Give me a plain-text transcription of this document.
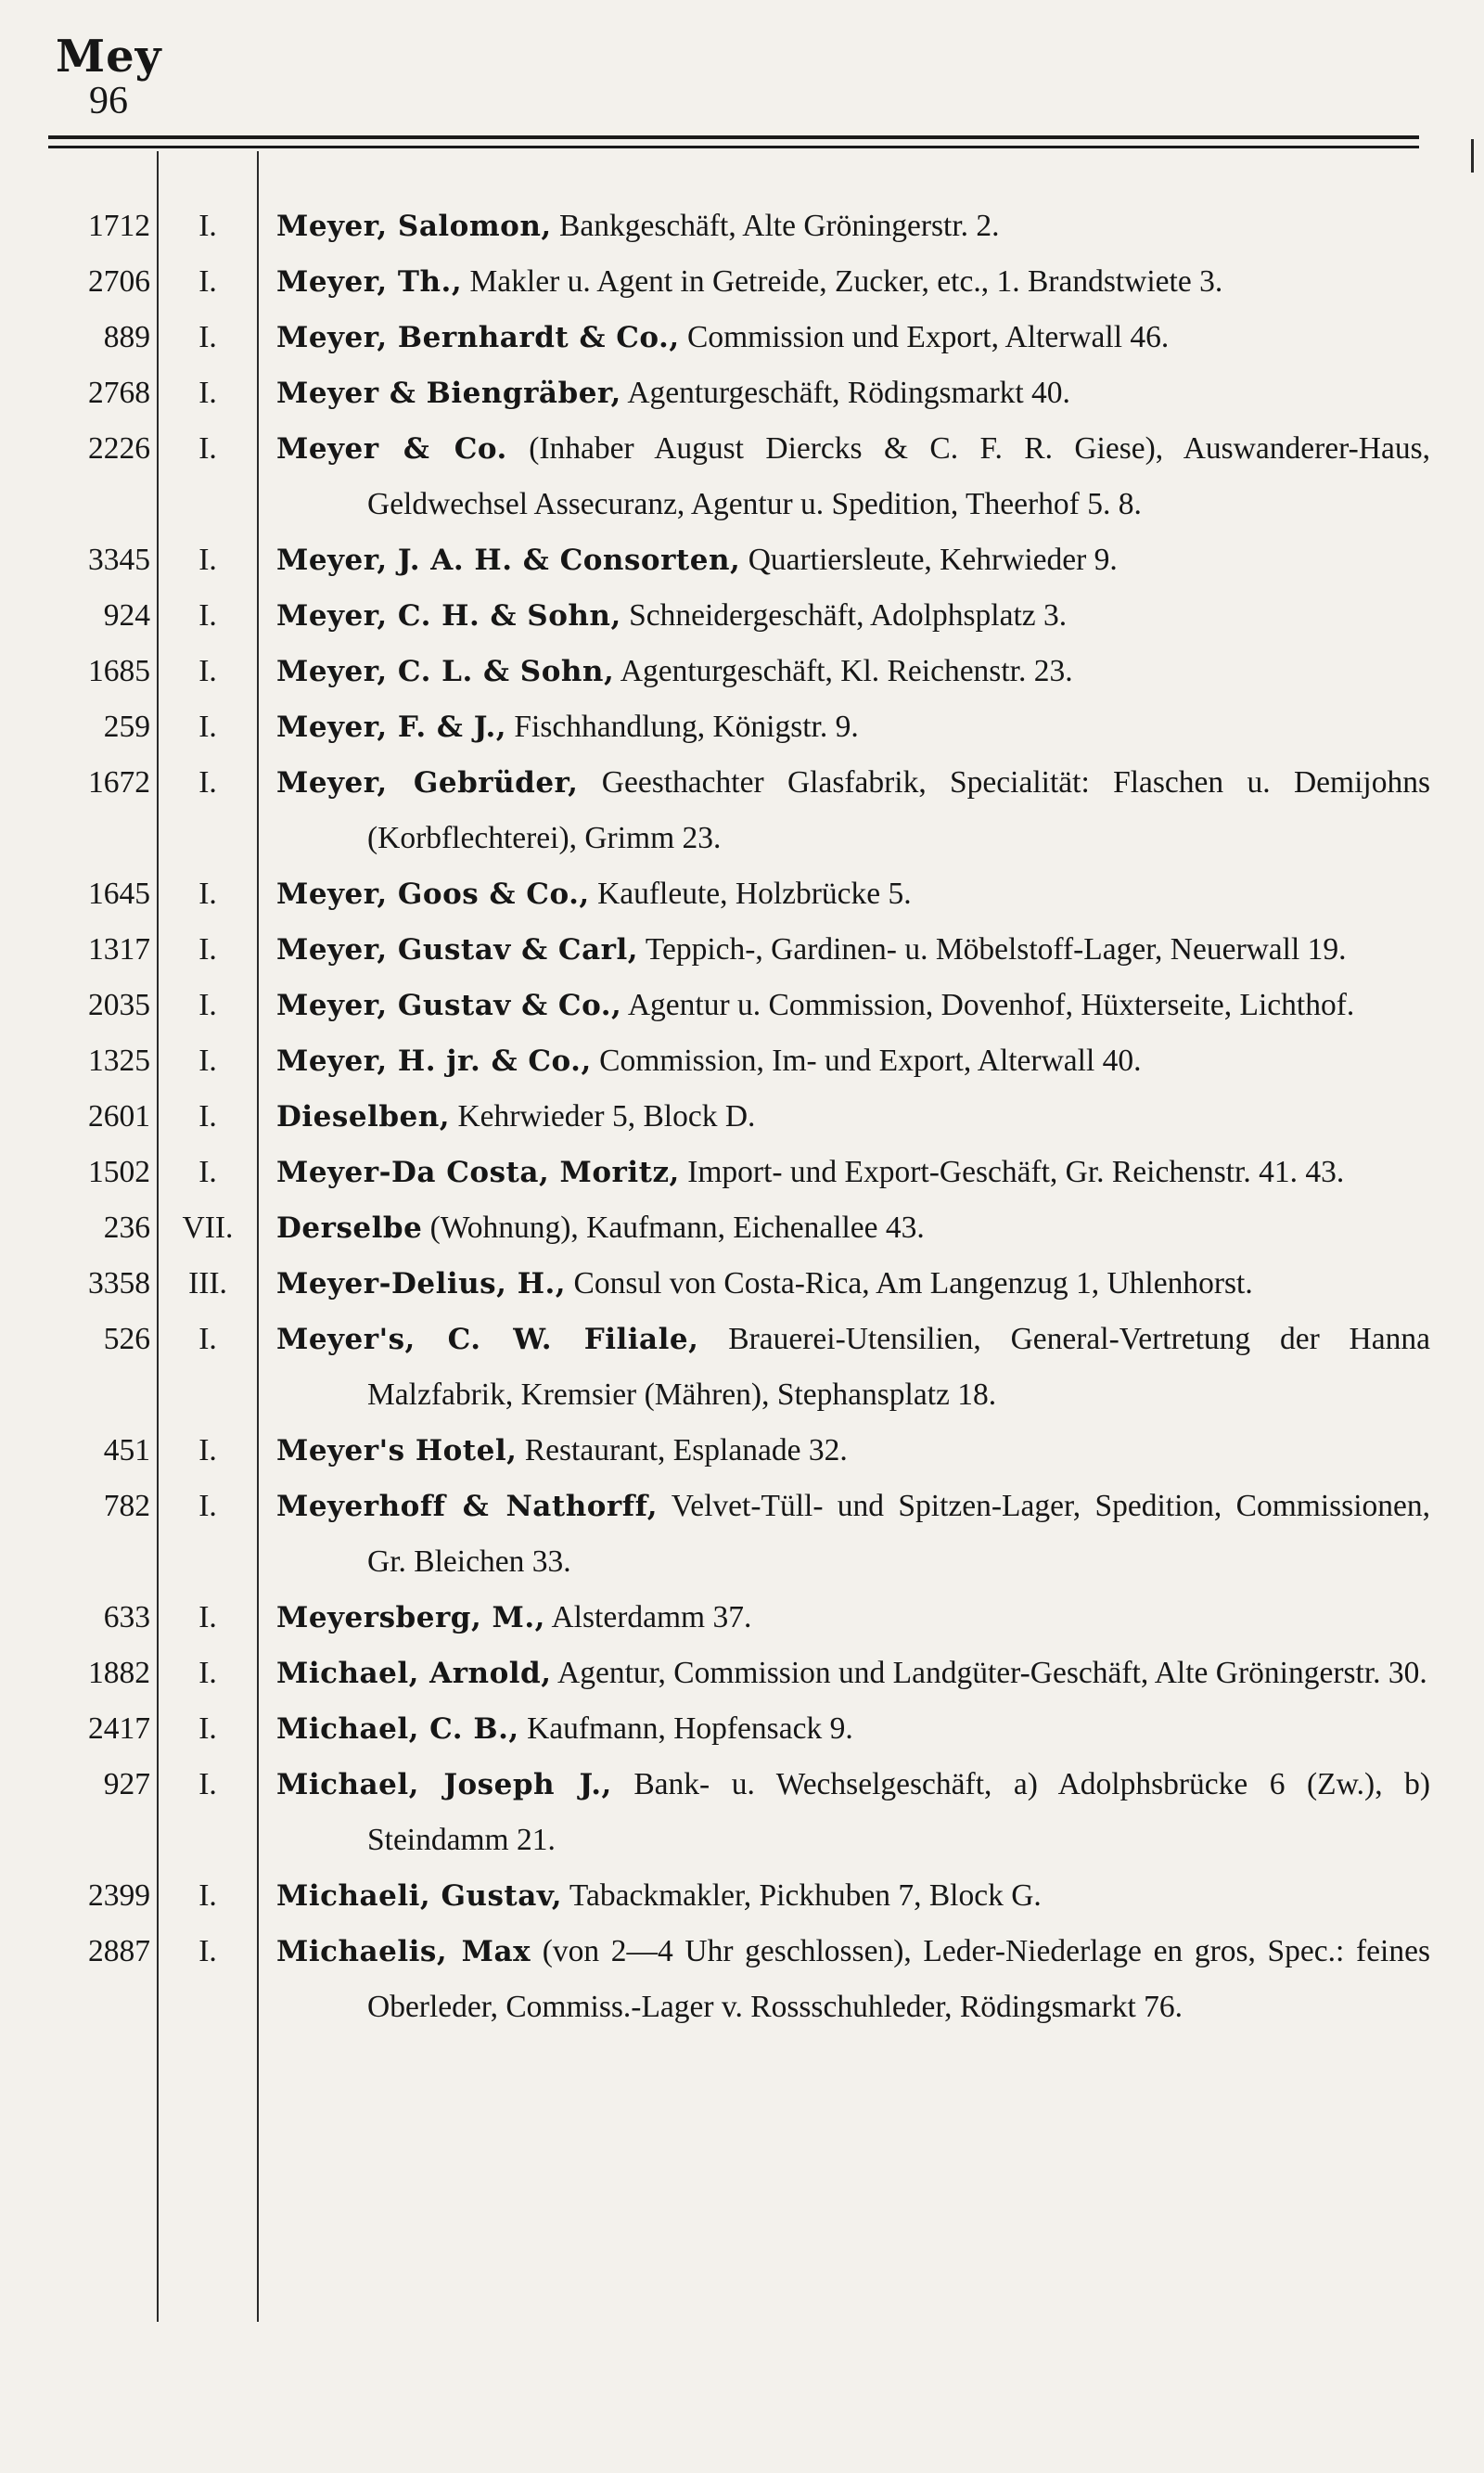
Mey
96
1712	I.	Meyer, Salomon, Bankgeschäft, Alte Gröningerstr. 2.
2706	I.	Meyer, Th., Makler u. Agent in Getreide, Zucker, etc., 1. Brandstwiete 3.
889	I.	Meyer, Bernhardt & Co., Commission und Export, Alterwall 46.
2768	I.	Meyer & Biengräber, Agenturgeschäft, Rödingsmarkt 40.
2226	I.	Meyer & Co. (Inhaber August Diercks & C. F. R. Giese), Auswanderer-Haus, Geldwechsel Assecuranz, Agentur u. Spedition, Theerhof 5. 8.
3345	I.	Meyer, J. A. H. & Consorten, Quartiersleute, Kehrwieder 9.
924	I.	Meyer, C. H. & Sohn, Schneidergeschäft, Adolphsplatz 3.
1685	I.	Meyer, C. L. & Sohn, Agenturgeschäft, Kl. Reichenstr. 23.
259	I.	Meyer, F. & J., Fischhandlung, Königstr. 9.
1672	I.	Meyer, Gebrüder, Geesthachter Glasfabrik, Specialität: Flaschen u. Demijohns (Korbflechterei), Grimm 23.
1645	I.	Meyer, Goos & Co., Kaufleute, Holzbrücke 5.
1317	I.	Meyer, Gustav & Carl, Teppich-, Gardinen- u. Möbelstoff-Lager, Neuerwall 19.
2035	I.	Meyer, Gustav & Co., Agentur u. Commission, Dovenhof, Hüxterseite, Lichthof.
1325	I.	Meyer, H. jr. & Co., Commission, Im- und Export, Alterwall 40.
2601	I.	Dieselben, Kehrwieder 5, Block D.
1502	I.	Meyer-Da Costa, Moritz, Import- und Export-Geschäft, Gr. Reichenstr. 41. 43.
236	VII.	Derselbe (Wohnung), Kaufmann, Eichenallee 43.
3358	III.	Meyer-Delius, H., Consul von Costa-Rica, Am Langenzug 1, Uhlenhorst.
526	I.	Meyer's, C. W. Filiale, Brauerei-Utensilien, General-Vertretung der Hanna Malzfabrik, Kremsier (Mähren), Stephansplatz 18.
451	I.	Meyer's Hotel, Restaurant, Esplanade 32.
782	I.	Meyerhoff & Nathorff, Velvet-Tüll- und Spitzen-Lager, Spedition, Commissionen, Gr. Bleichen 33.
633	I.	Meyersberg, M., Alsterdamm 37.
1882	I.	Michael, Arnold, Agentur, Commission und Landgüter-Geschäft, Alte Gröningerstr. 30.
2417	I.	Michael, C. B., Kaufmann, Hopfensack 9.
927	I.	Michael, Joseph J., Bank- u. Wechselgeschäft, a) Adolphsbrücke 6 (Zw.), b) Steindamm 21.
2399	I.	Michaeli, Gustav, Tabackmakler, Pickhuben 7, Block G.
2887	I.	Michaelis, Max (von 2—4 Uhr geschlossen), Leder-Niederlage en gros, Spec.: feines Oberleder, Commiss.-Lager v. Rossschuhleder, Rödingsmarkt 76.
